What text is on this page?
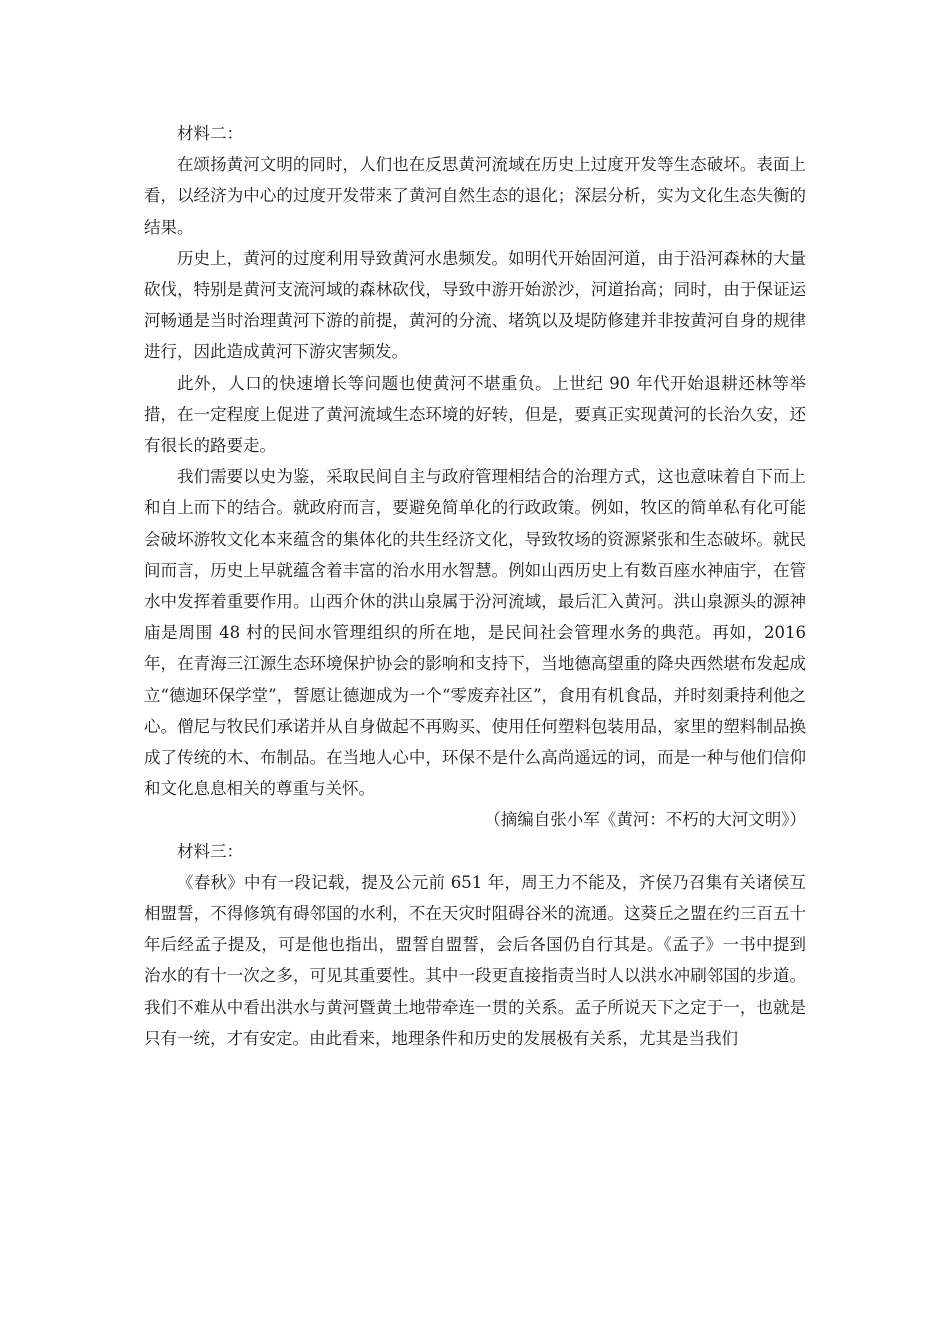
材料二：

在颂扬黄河文明的同时，人们也在反思黄河流域在历史上过度开发等生态破坏。表面上看，以经济为中心的过度开发带来了黄河自然生态的退化；深层分析，实为文化生态失衡的结果。

历史上，黄河的过度利用导致黄河水患频发。如明代开始固河道，由于沿河森林的大量砍伐，特别是黄河支流河域的森林砍伐，导致中游开始淤沙，河道抬高；同时，由于保证运河畅通是当时治理黄河下游的前提，黄河的分流、堵筑以及堤防修建并非按黄河自身的规律进行，因此造成黄河下游灾害频发。

此外，人口的快速增长等问题也使黄河不堪重负。上世纪 90 年代开始退耕还林等举措，在一定程度上促进了黄河流域生态环境的好转，但是，要真正实现黄河的长治久安，还有很长的路要走。

我们需要以史为鉴，采取民间自主与政府管理相结合的治理方式，这也意味着自下而上和自上而下的结合。就政府而言，要避免简单化的行政政策。例如，牧区的简单私有化可能会破坏游牧文化本来蕴含的集体化的共生经济文化，导致牧场的资源紧张和生态破坏。就民间而言，历史上早就蕴含着丰富的治水用水智慧。例如山西历史上有数百座水神庙宇，在管水中发挥着重要作用。山西介休的洪山泉属于汾河流域，最后汇入黄河。洪山泉源头的源神庙是周围 48 村的民间水管理组织的所在地，是民间社会管理水务的典范。再如，2016 年，在青海三江源生态环境保护协会的影响和支持下，当地德高望重的降央西然堪布发起成立“德迦环保学堂”，誓愿让德迦成为一个“零废弃社区”，食用有机食品，并时刻秉持利他之心。僧尼与牧民们承诺并从自身做起不再购买、使用任何塑料包装用品，家里的塑料制品换成了传统的木、布制品。在当地人心中，环保不是什么高尚遥远的词，而是一种与他们信仰和文化息息相关的尊重与关怀。

（摘编自张小军《黄河：不朽的大河文明》）

材料三：

《春秋》中有一段记载，提及公元前 651 年，周王力不能及，齐侯乃召集有关诸侯互相盟誓，不得修筑有碍邻国的水利，不在天灾时阻碍谷米的流通。这葵丘之盟在约三百五十年后经孟子提及，可是他也指出，盟誓自盟誓，会后各国仍自行其是。《孟子》一书中提到治水的有十一次之多，可见其重要性。其中一段更直接指责当时人以洪水冲刷邻国的步道。我们不难从中看出洪水与黄河暨黄土地带牵连一贯的关系。孟子所说天下之定于一，也就是只有一统，才有安定。由此看来，地理条件和历史的发展极有关系，尤其是当我们
